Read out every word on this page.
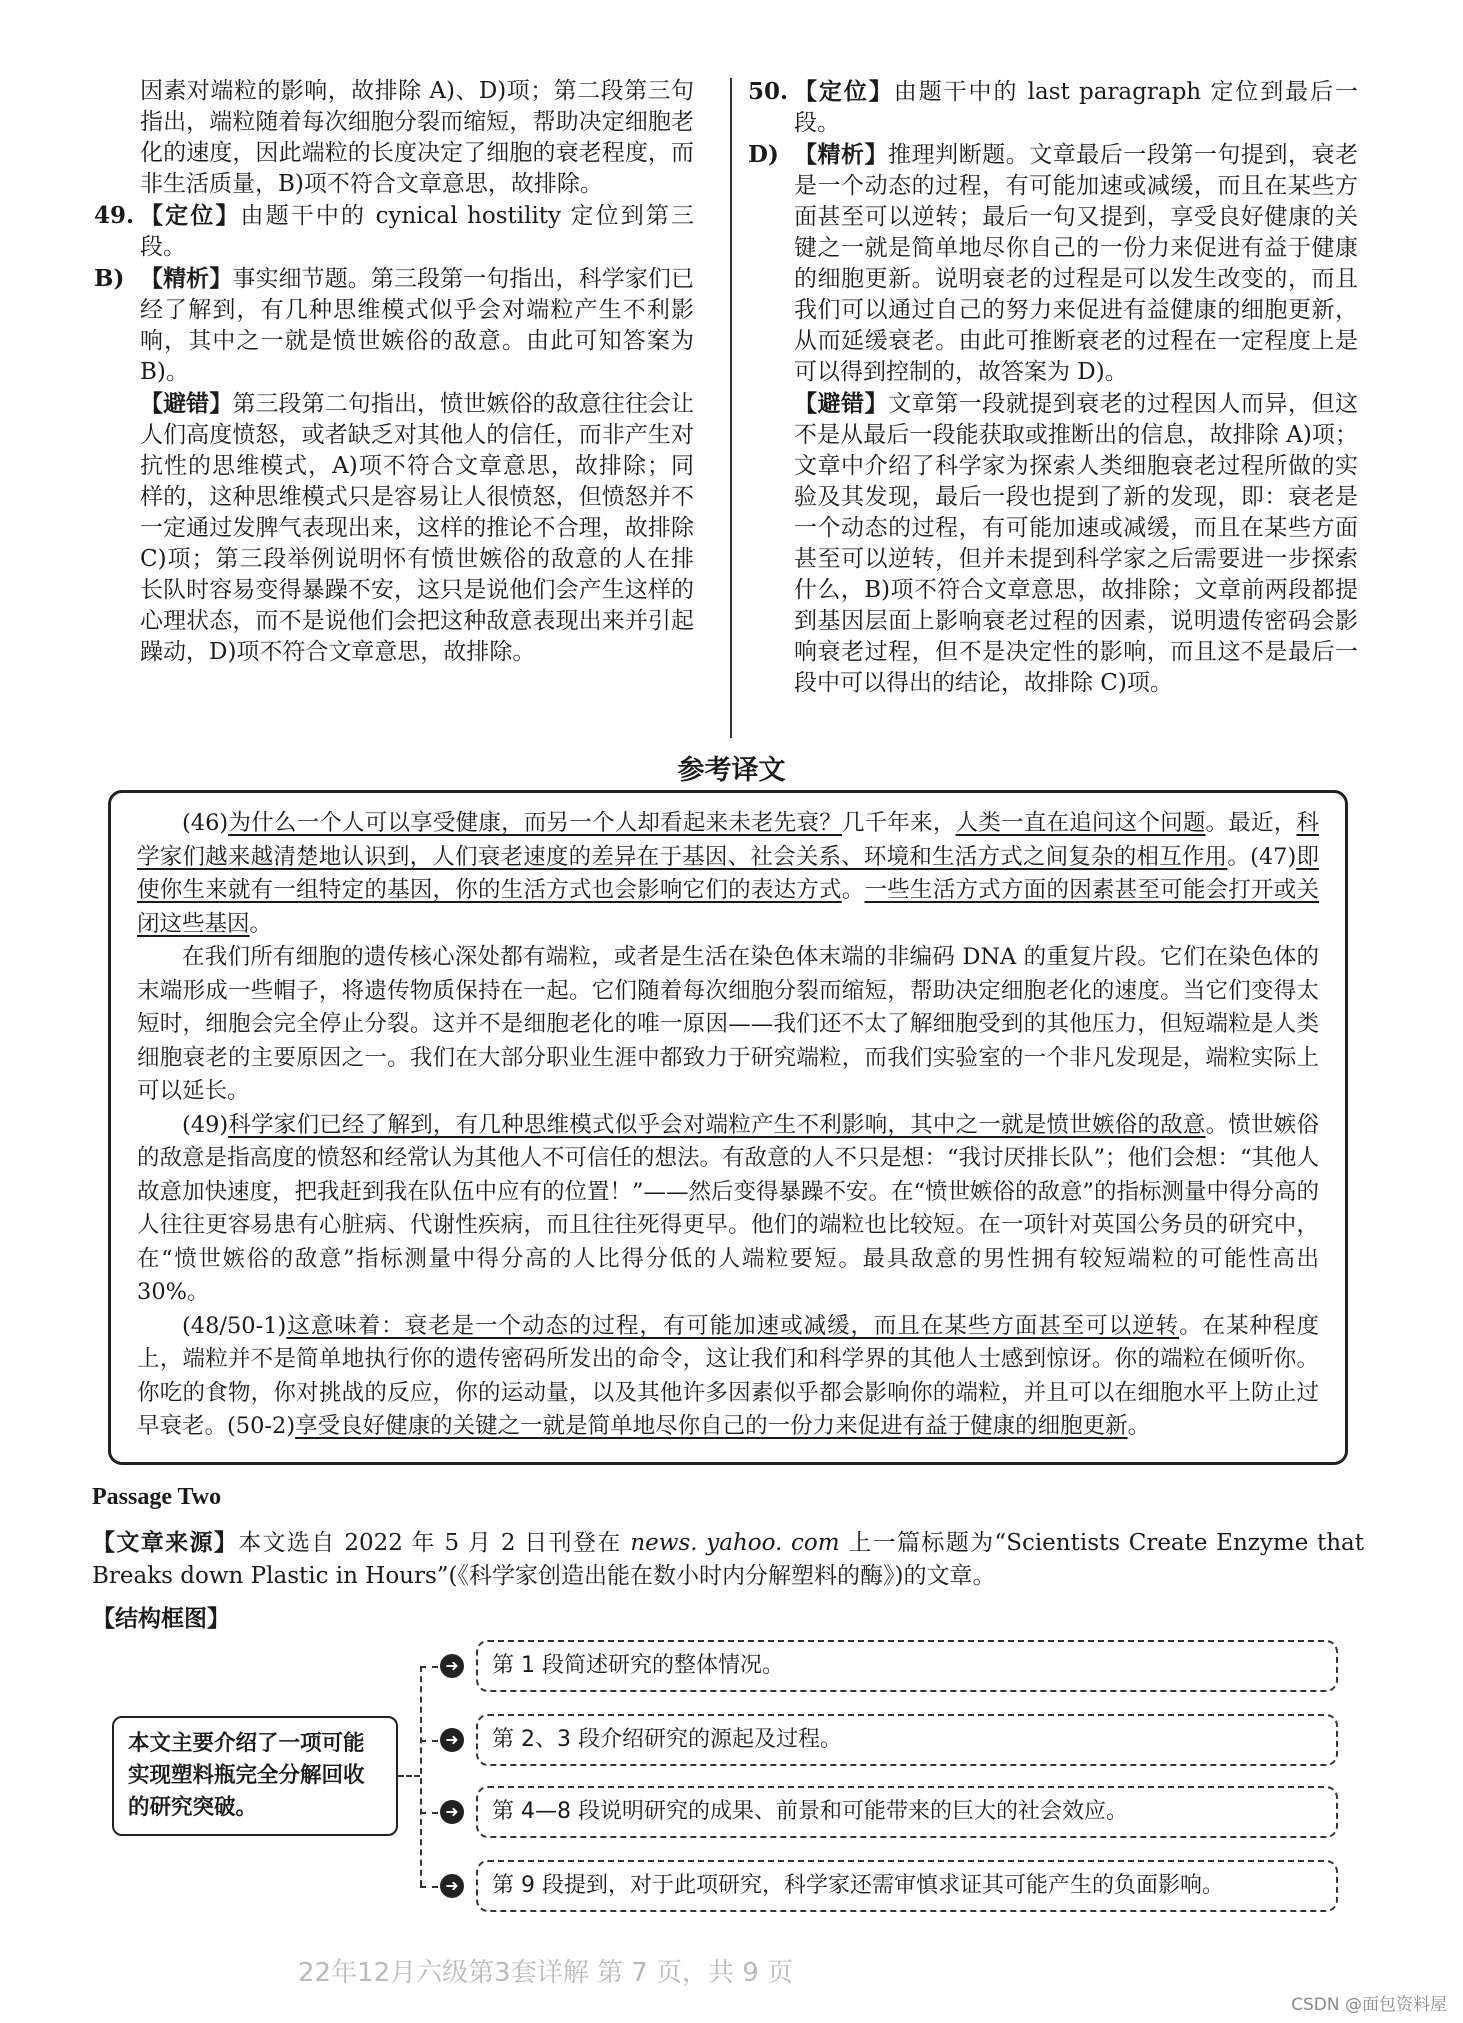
因素对端粒的影响，故排除 A)、D)项；第二段第三句指出，端粒随着每次细胞分裂而缩短，帮助决定细胞老化的速度，因此端粒的长度决定了细胞的衰老程度，而非生活质量，B)项不符合文章意思，故排除。

49. 【定位】由题干中的 cynical hostility 定位到第三段。

B) 【精析】事实细节题。第三段第一句指出，科学家们已经了解到，有几种思维模式似乎会对端粒产生不利影响，其中之一就是愤世嫉俗的敌意。由此可知答案为 B)。

【避错】第三段第二句指出，愤世嫉俗的敌意往往会让人们高度愤怒，或者缺乏对其他人的信任，而非产生对抗性的思维模式，A)项不符合文章意思，故排除；同样的，这种思维模式只是容易让人很愤怒，但愤怒并不一定通过发脾气表现出来，这样的推论不合理，故排除 C)项；第三段举例说明怀有愤世嫉俗的敌意的人在排长队时容易变得暴躁不安，这只是说他们会产生这样的心理状态，而不是说他们会把这种敌意表现出来并引起躁动，D)项不符合文章意思，故排除。

50. 【定位】由题干中的 last paragraph 定位到最后一段。

D) 【精析】推理判断题。文章最后一段第一句提到，衰老是一个动态的过程，有可能加速或减缓，而且在某些方面甚至可以逆转；最后一句又提到，享受良好健康的关键之一就是简单地尽你自己的一份力来促进有益于健康的细胞更新。说明衰老的过程是可以发生改变的，而且我们可以通过自己的努力来促进有益健康的细胞更新，从而延缓衰老。由此可推断衰老的过程在一定程度上是可以得到控制的，故答案为 D)。

【避错】文章第一段就提到衰老的过程因人而异，但这不是从最后一段能获取或推断出的信息，故排除 A)项；文章中介绍了科学家为探索人类细胞衰老过程所做的实验及其发现，最后一段也提到了新的发现，即：衰老是一个动态的过程，有可能加速或减缓，而且在某些方面甚至可以逆转，但并未提到科学家之后需要进一步探索什么，B)项不符合文章意思，故排除；文章前两段都提到基因层面上影响衰老过程的因素，说明遗传密码会影响衰老过程，但不是决定性的影响，而且这不是最后一段中可以得出的结论，故排除 C)项。

参考译文

(46)为什么一个人可以享受健康，而另一个人却看起来未老先衰？几千年来，人类一直在追问这个问题。最近，科学家们越来越清楚地认识到，人们衰老速度的差异在于基因、社会关系、环境和生活方式之间复杂的相互作用。(47)即使你生来就有一组特定的基因，你的生活方式也会影响它们的表达方式。一些生活方式方面的因素甚至可能会打开或关闭这些基因。

在我们所有细胞的遗传核心深处都有端粒，或者是生活在染色体末端的非编码 DNA 的重复片段。它们在染色体的末端形成一些帽子，将遗传物质保持在一起。它们随着每次细胞分裂而缩短，帮助决定细胞老化的速度。当它们变得太短时，细胞会完全停止分裂。这并不是细胞老化的唯一原因——我们还不太了解细胞受到的其他压力，但短端粒是人类细胞衰老的主要原因之一。我们在大部分职业生涯中都致力于研究端粒，而我们实验室的一个非凡发现是，端粒实际上可以延长。

(49)科学家们已经了解到，有几种思维模式似乎会对端粒产生不利影响，其中之一就是愤世嫉俗的敌意。愤世嫉俗的敌意是指高度的愤怒和经常认为其他人不可信任的想法。有敌意的人不只是想：“我讨厌排长队”；他们会想：“其他人故意加快速度，把我赶到我在队伍中应有的位置！”——然后变得暴躁不安。在“愤世嫉俗的敌意”的指标测量中得分高的人往往更容易患有心脏病、代谢性疾病，而且往往死得更早。他们的端粒也比较短。在一项针对英国公务员的研究中，在“愤世嫉俗的敌意”指标测量中得分高的人比得分低的人端粒要短。最具敌意的男性拥有较短端粒的可能性高出 30%。

(48/50-1)这意味着：衰老是一个动态的过程，有可能加速或减缓，而且在某些方面甚至可以逆转。在某种程度上，端粒并不是简单地执行你的遗传密码所发出的命令，这让我们和科学界的其他人士感到惊讶。你的端粒在倾听你。你吃的食物，你对挑战的反应，你的运动量，以及其他许多因素似乎都会影响你的端粒，并且可以在细胞水平上防止过早衰老。(50-2)享受良好健康的关键之一就是简单地尽你自己的一份力来促进有益于健康的细胞更新。

Passage Two
【文章来源】本文选自 2022 年 5 月 2 日刊登在 news. yahoo. com 上一篇标题为“Scientists Create Enzyme that Breaks down Plastic in Hours”(《科学家创造出能在数小时内分解塑料的酶》)的文章。
【结构框图】
本文主要介绍了一项可能实现塑料瓶完全分解回收的研究突破。
➜	第 1 段简述研究的整体情况。
➜	第 2、3 段介绍研究的源起及过程。
➜	第 4—8 段说明研究的成果、前景和可能带来的巨大的社会效应。
➜	第 9 段提到，对于此项研究，科学家还需审慎求证其可能产生的负面影响。
22年12月六级第3套详解 第 7 页，共 9 页
CSDN @面包资料屋
